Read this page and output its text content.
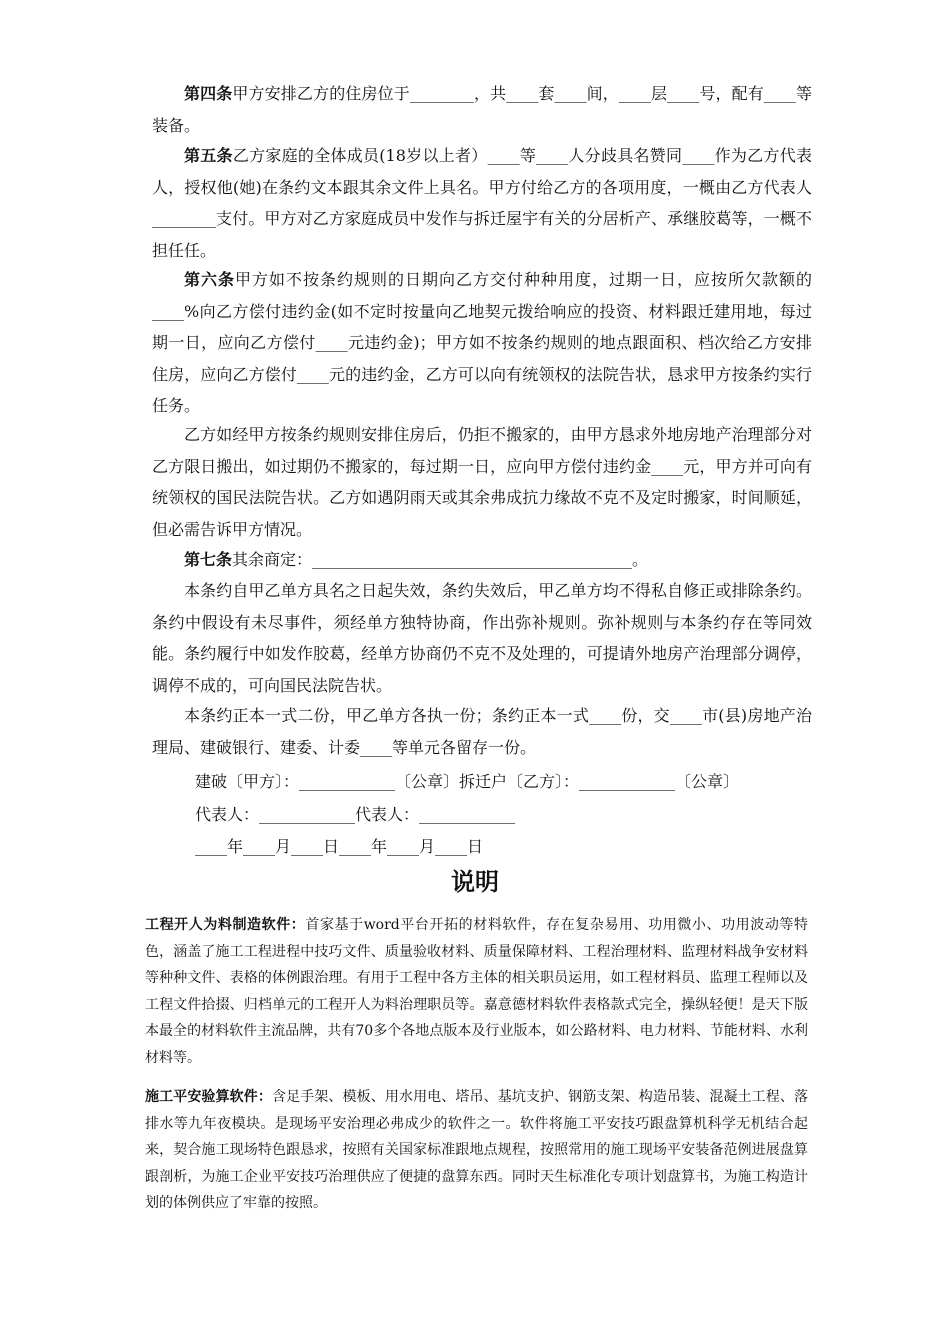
第四条甲方安排乙方的住房位于________，共____套____间，____层____号，配有____等装备。

第五条乙方家庭的全体成员(18岁以上者）____等____人分歧具名赞同____作为乙方代表人，授权他(她)在条约文本跟其余文件上具名。甲方付给乙方的各项用度，一概由乙方代表人________支付。甲方对乙方家庭成员中发作与拆迁屋宇有关的分居析产、承继胶葛等，一概不担任任。

第六条甲方如不按条约规则的日期向乙方交付种种用度，过期一日，应按所欠款额的____%向乙方偿付违约金(如不定时按量向乙地契元拨给响应的投资、材料跟迁建用地，每过期一日，应向乙方偿付____元违约金)；甲方如不按条约规则的地点跟面积、档次给乙方安排住房，应向乙方偿付____元的违约金，乙方可以向有统领权的法院告状，恳求甲方按条约实行任务。

乙方如经甲方按条约规则安排住房后，仍拒不搬家的，由甲方恳求外地房地产治理部分对乙方限日搬出，如过期仍不搬家的，每过期一日，应向甲方偿付违约金____元，甲方并可向有统领权的国民法院告状。乙方如遇阴雨天或其余弗成抗力缘故不克不及定时搬家，时间顺延，但必需告诉甲方情况。

第七条其余商定：________________________________________。

本条约自甲乙单方具名之日起失效，条约失效后，甲乙单方均不得私自修正或排除条约。条约中假设有未尽事件，须经单方独特协商，作出弥补规则。弥补规则与本条约存在等同效能。条约履行中如发作胶葛，经单方协商仍不克不及处理的，可提请外地房产治理部分调停，调停不成的，可向国民法院告状。

本条约正本一式二份，甲乙单方各执一份；条约正本一式____份，交____市(县)房地产治理局、建破银行、建委、计委____等单元各留存一份。

建破〔甲方〕：____________〔公章〕拆迁户〔乙方〕：____________〔公章〕

代表人：____________代表人：____________

____年____月____日____年____月____日

说明

工程开人为料制造软件：首家基于word平台开拓的材料软件，存在复杂易用、功用微小、功用波动等特色，涵盖了施工工程进程中技巧文件、质量验收材料、质量保障材料、工程治理材料、监理材料战争安材料等种种文件、表格的体例跟治理。有用于工程中各方主体的相关职员运用，如工程材料员、监理工程师以及工程文件拾掇、归档单元的工程开人为料治理职员等。嘉意德材料软件表格款式完全，操纵轻便！是天下版本最全的材料软件主流品牌，共有70多个各地点版本及行业版本，如公路材料、电力材料、节能材料、水利材料等。

施工平安验算软件：含足手架、模板、用水用电、塔吊、基坑支护、钢筋支架、构造吊装、混凝土工程、落排水等九年夜模块。是现场平安治理必弗成少的软件之一。软件将施工平安技巧跟盘算机科学无机结合起来，契合施工现场特色跟恳求，按照有关国家标准跟地点规程，按照常用的施工现场平安装备范例进展盘算跟剖析，为施工企业平安技巧治理供应了便捷的盘算东西。同时天生标准化专项计划盘算书，为施工构造计划的体例供应了牢靠的按照。
